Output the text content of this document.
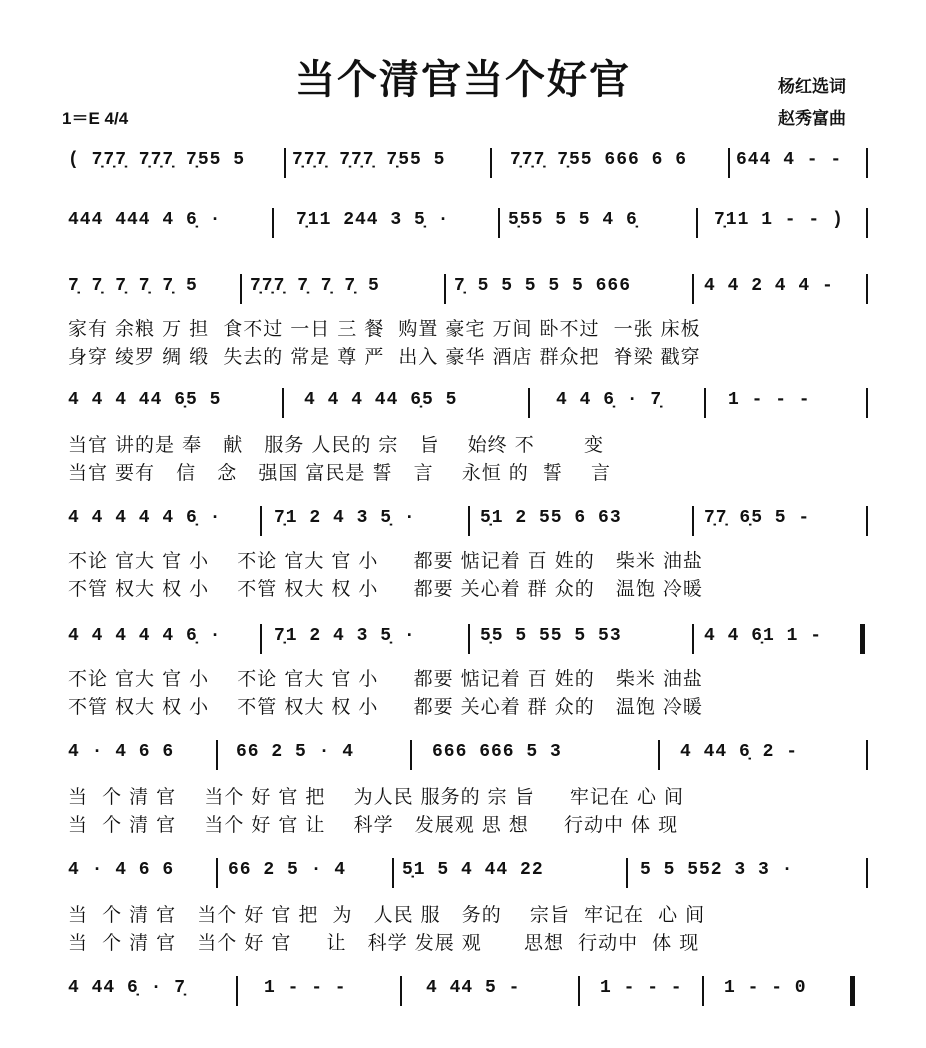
当个清官当个好官
1＝E 4/4
杨红选词
赵秀富曲
( 7̣7̣7̣ 7̣7̣7̣ 7̣55 5	7̣7̣7̣ 7̣7̣7̣ 7̣55 5	7̣7̣7̣ 7̣55 666 6 6	644 4 - -
444 444 4 6̣ ·	7̣11 244 3 5̣ ·	5̣55 5 5 4 6̣	7̣11 1 - - )
7̣ 7̣ 7̣ 7̣ 7̣ 5	7̣7̣7̣ 7̣ 7̣ 7̣ 5	7̣ 5 5 5 5 5 666	4 4 2 4 4 -
家有 余粮 万 担  食不过 一日 三 餐  购置 豪宅 万间 卧不过  一张 床板
身穿 绫罗 绸 缎  失去的 常是 尊 严  出入 豪华 酒店 群众把  脊梁 戳穿
4 4 4 44 6̣5 5	4 4 4 44 6̣5 5	4 4 6̣ · 7̣	1 - - -
当官 讲的是 奉   献   服务 人民的 宗   旨    始终 不       变
当官 要有   信   念   强国 富民是 誓   言    永恒 的  誓    言
4 4 4 4 4 6̣ ·	7̣1 2 4 3 5̣ ·	5̣1 2 55 6 63	7̣7̣ 6̣5 5 -
不论 官大 官 小    不论 官大 官 小     都要 惦记着 百 姓的   柴米 油盐
不管 权大 权 小    不管 权大 权 小     都要 关心着 群 众的   温饱 冷暖
4 4 4 4 4 6̣ ·	7̣1 2 4 3 5̣ ·	5̣5 5 55 5 53	4 4 6̣1 1 -
不论 官大 官 小    不论 官大 官 小     都要 惦记着 百 姓的   柴米 油盐
不管 权大 权 小    不管 权大 权 小     都要 关心着 群 众的   温饱 冷暖
4 · 4 6 6	66 2 5 · 4	666 666 5 3	4 44 6̣ 2 -
当  个 清 官    当个 好 官 把    为人民 服务的 宗 旨     牢记在 心 间
当  个 清 官    当个 好 官 让    科学   发展观 思 想     行动中 体 现
4 · 4 6 6	66 2 5 · 4	5̣1 5 4 44 22	5 5 552 3 3 ·
当  个 清 官   当个 好 官 把  为   人民 服   务的    宗旨  牢记在  心 间
当  个 清 官   当个 好 官     让   科学 发展 观      思想  行动中  体 现
4 44 6̣ · 7̣	1 - - -	4 44 5 -	1 - - - 1 - - 0
